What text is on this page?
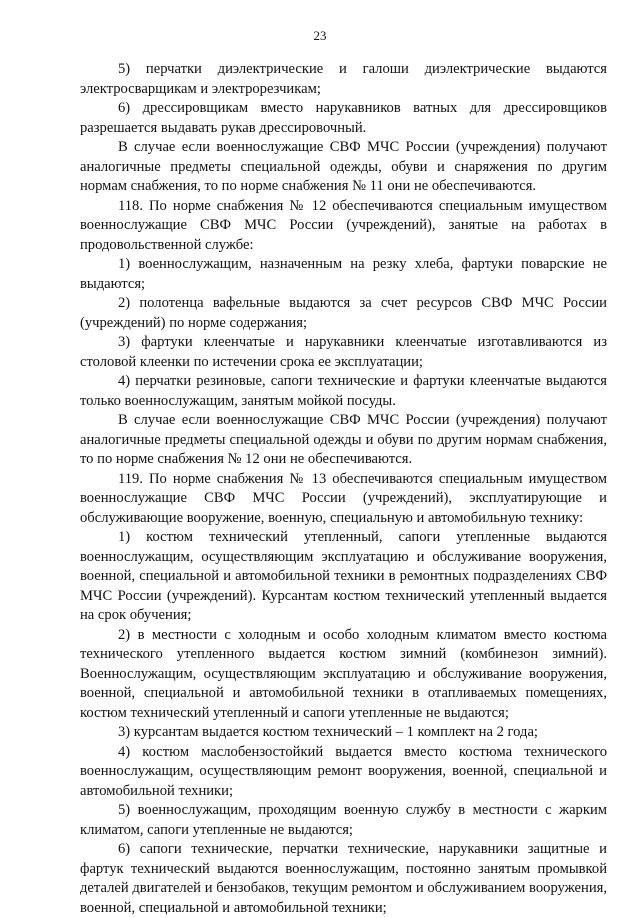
23

5) перчатки диэлектрические и галоши диэлектрические выдаются электросварщикам и электрорезчикам;

6) дрессировщикам вместо нарукавников ватных для дрессировщиков разрешается выдавать рукав дрессировочный.

В случае если военнослужащие СВФ МЧС России (учреждения) получают аналогичные предметы специальной одежды, обуви и снаряжения по другим нормам снабжения, то по норме снабжения № 11 они не обеспечиваются.

118. По норме снабжения № 12 обеспечиваются специальным имуществом военнослужащие СВФ МЧС России (учреждений), занятые на работах в продовольственной службе:

1) военнослужащим, назначенным на резку хлеба, фартуки поварские не выдаются;

2) полотенца вафельные выдаются за счет ресурсов СВФ МЧС России (учреждений) по норме содержания;

3) фартуки клеенчатые и нарукавники клеенчатые изготавливаются из столовой клеенки по истечении срока ее эксплуатации;

4) перчатки резиновые, сапоги технические и фартуки клеенчатые выдаются только военнослужащим, занятым мойкой посуды.

В случае если военнослужащие СВФ МЧС России (учреждения) получают аналогичные предметы специальной одежды и обуви по другим нормам снабжения, то по норме снабжения № 12 они не обеспечиваются.

119. По норме снабжения № 13 обеспечиваются специальным имуществом военнослужащие СВФ МЧС России (учреждений), эксплуатирующие и обслуживающие вооружение, военную, специальную и автомобильную технику:

1) костюм технический утепленный, сапоги утепленные выдаются военнослужащим, осуществляющим эксплуатацию и обслуживание вооружения, военной, специальной и автомобильной техники в ремонтных подразделениях СВФ МЧС России (учреждений). Курсантам костюм технический утепленный выдается на срок обучения;

2) в местности с холодным и особо холодным климатом вместо костюма технического утепленного выдается костюм зимний (комбинезон зимний). Военнослужащим, осуществляющим эксплуатацию и обслуживание вооружения, военной, специальной и автомобильной техники в отапливаемых помещениях, костюм технический утепленный и сапоги утепленные не выдаются;

3) курсантам выдается костюм технический – 1 комплект на 2 года;

4) костюм маслобензостойкий выдается вместо костюма технического военнослужащим, осуществляющим ремонт вооружения, военной, специальной и автомобильной техники;

5) военнослужащим, проходящим военную службу в местности с жарким климатом, сапоги утепленные не выдаются;

6) сапоги технические, перчатки технические, нарукавники защитные и фартук технический выдаются военнослужащим, постоянно занятым промывкой деталей двигателей и бензобаков, текущим ремонтом и обслуживанием вооружения, военной, специальной и автомобильной техники;
